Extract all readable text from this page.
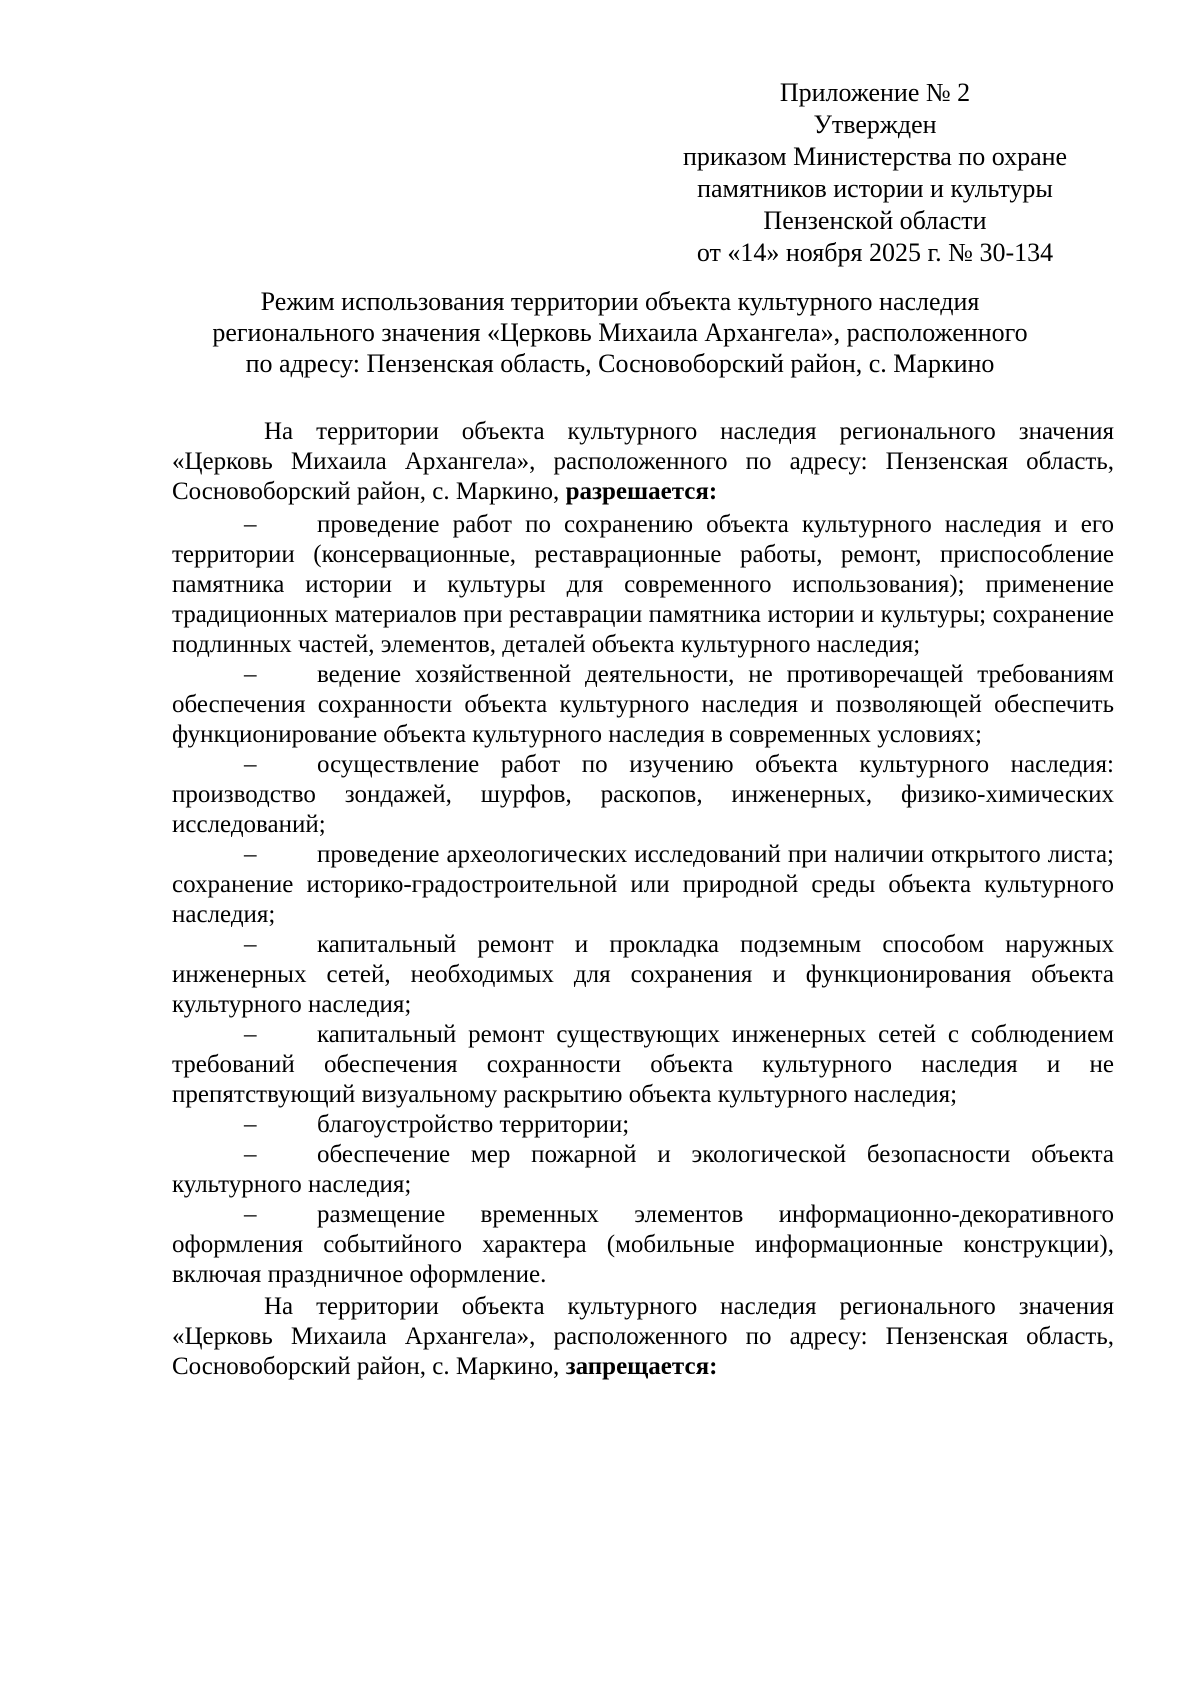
Приложение № 2
Утвержден
приказом Министерства по охране
памятников истории и культуры
Пензенской области
от «14» ноября 2025 г. № 30-134
Режим использования территории объекта культурного наследия
регионального значения «Церковь Михаила Архангела», расположенного
по адресу: Пензенская область, Сосновоборский район, с. Маркино

На территории объекта культурного наследия регионального значения «Церковь Михаила Архангела», расположенного по адресу: Пензенская область, Сосновоборский район, с. Маркино, разрешается:

– проведение работ по сохранению объекта культурного наследия и его территории (консервационные, реставрационные работы, ремонт, приспособление памятника истории и культуры для современного использования); применение традиционных материалов при реставрации памятника истории и культуры; сохранение подлинных частей, элементов, деталей объекта культурного наследия;

– ведение хозяйственной деятельности, не противоречащей требованиям обеспечения сохранности объекта культурного наследия и позволяющей обеспечить функционирование объекта культурного наследия в современных условиях;

– осуществление работ по изучению объекта культурного наследия: производство зондажей, шурфов, раскопов, инженерных, физико-химических исследований;

– проведение археологических исследований при наличии открытого листа; сохранение историко-градостроительной или природной среды объекта культурного наследия;

– капитальный ремонт и прокладка подземным способом наружных инженерных сетей, необходимых для сохранения и функционирования объекта культурного наследия;

– капитальный ремонт существующих инженерных сетей с соблюдением требований обеспечения сохранности объекта культурного наследия и не препятствующий визуальному раскрытию объекта культурного наследия;

– благоустройство территории;

– обеспечение мер пожарной и экологической безопасности объекта культурного наследия;

– размещение временных элементов информационно-декоративного оформления событийного характера (мобильные информационные конструкции), включая праздничное оформление.

На территории объекта культурного наследия регионального значения «Церковь Михаила Архангела», расположенного по адресу: Пензенская область, Сосновоборский район, с. Маркино, запрещается:
